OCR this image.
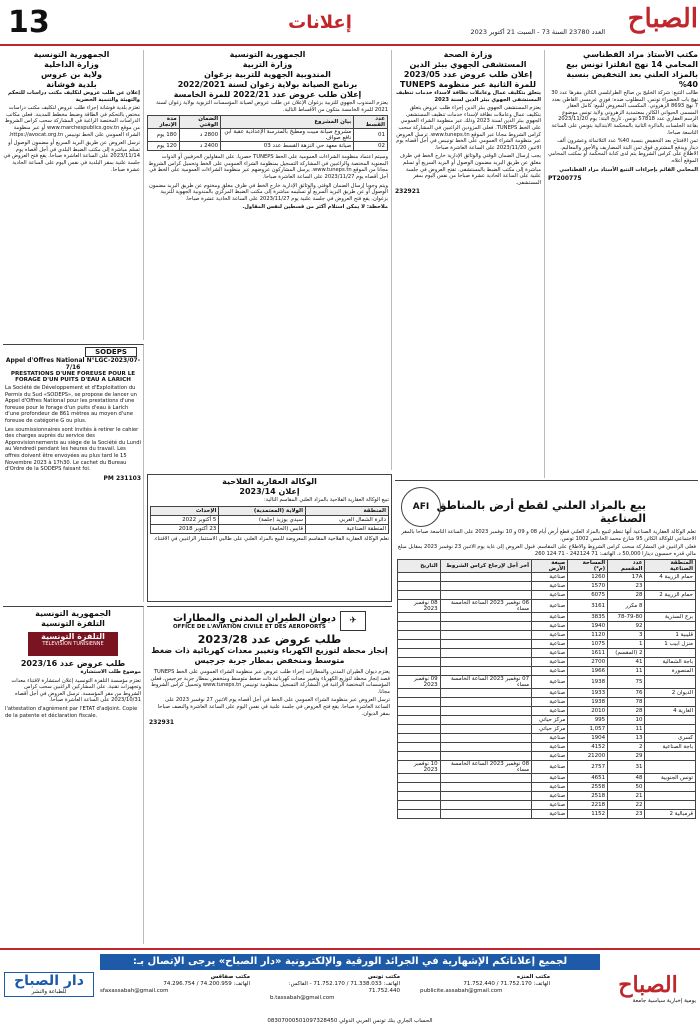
13	إعلانات	العدد 23780 السنة 73 - السبت 21 أكتوبر 2023 الصباح
مكتب الأستاذ مراد الفطناسي المحامي 14 نهج انقلترا تونس بيع بالمزاد العلني بعد التخفيض بنسبة 40%

طالب التتبع: شركة الخليج بن صالح الطرابلسي الكائن مقرها عدد 30 نهج باب الخضراء تونس. المطلوب ضده: فوزي عرمسي القاطن بعدد 7 نهج 8693 الزهروني. المكسب المعروض للبيع: كامل العقار المسمى الحيواني الكائن بمعتمدية الزهروني ولاية تونس موضوع الرسم العقاري عدد 57818 تونس. تاريخ البتة: يوم 2023/11/20 بقاعة الجلسات بالدائرة الثانية بالمحكمة الابتدائية بتونس على الساعة التاسعة صباحا.

ثمن الافتتاح بعد التخفيض بنسبة 40% عدد الثلاثمائة وعشرون ألف دينار ويدفع المشتري فوق ثمن البتة المصاريف والأجور والمعاليم. الاطلاع على كراس الشروط يتم لدى كتابة المحكمة أو بمكتب المحامي الموقع أعلاه.

المحامي القائم بإجراءات التتبع الأستاذ مراد الفطناسي

PT2007​75
وزارة الصحة
المستشفى الجهوي ببئر الدين
إعلان طلب عروض عدد 2023/05 للمرة الثانية عبر منظومة TUNEPS

يتعلق بتكليف عمال وعاملات نظافة لاسداء خدمات تنظيف المستشفى الجهوي ببئر الدين لسنة 2023

يعتزم المستشفى الجهوي ببئر الدين إجراء طلب عروض يتعلق بتكليف عمال وعاملات نظافة لإسداء خدمات تنظيف المستشفى الجهوي ببئر الدين لسنة 2023 وذلك عبر منظومة الشراء العمومي على الخط TUNEPS. فعلى المزودين الراغبين في المشاركة سحب كراس الشروط مجانا عبر الموقع www.tuneps.tn. ترسل العروض عبر منظومة الشراء العمومي على الخط تونيبس في أجل أقصاه يوم الاثنين 2023/11/20 على الساعة العاشرة صباحا.

يجب إرسال الضمان الوقتي والوثائق الإدارية خارج الخط في ظرف مغلق عن طريق البريد مضمون الوصول أو البريد السريع أو تسلم مباشرة إلى مكتب الضبط بالمستشفى. تفتح العروض في جلسة علنية على الساعة الحادية عشرة صباحا من نفس اليوم بمقر المستشفى.

232921
الجمهورية التونسية
وزارة التربية
المندوبية الجهوية للتربية بزغوان
برنامج الصيانة بولاية زغوان لسنة 2022/2021
إعلان طلب عروض عدد 2022/21 للمرة الخامسة

يعتزم المندوب الجهوي للتربية بزغوان الإعلان عن طلب عروض لصيانة المؤسسات التربوية بولاية زغوان لسنة 2021 للمرة الخامسة متكون من الأقساط التالية.

عدد القسط	بيان المشروع	الضمان الوقتي	مدة الإنجاز
01	مشروع صيانة مبيت ومطبخ بالمدرسة الإعدادية عقبة ابن نافع صواف	2800 د	180 يوم
02	صيانة معهد حي النزهة القسط عدد 03	2400 د	120 يوم

وسيتم اعتماد منظومة الشراءات العمومية على الخط TUNEPS حصريا. على المقاولين الحرفيين أو الذوات المعنوية المختصة والراغبين في المشاركة التسجيل بمنظومة الشراء العمومي على الخط وتحميل كراس الشروط مجانا من الموقع www.tuneps.tn. يرسل المشاركون عروضهم عبر منظومة الشراءات العمومية على الخط في أجل أقصاه يوم 2023/11/27 على الساعة العاشرة صباحا.

ويتم وجوبا إرسال الضمان الوقتي والوثائق الإدارية خارج الخط في ظرف مغلق ومختوم عن طريق البريد مضمون الوصول أو عن طريق البريد السريع أو تسليمه مباشرة إلى مكتب الضبط المركزي بالمندوبية الجهوية للتربية بزغوان. يقع فتح العروض في جلسة علنية يوم 2023/11/27 على الساعة الحادية عشرة صباحا.

ملاحظة: لا يمكن استلام أكثر من قسطين لنفس المقاول.

الجمهورية التونسية
وزارة الداخلية
ولاية بن عروس
بلدية فوشانة

إعلان عن طلب عروض لتكليف مكتب دراسات للتحكم والتهيئة والتنمية الحضرية

تعتزم بلدية فوشانة إجراء طلب عروض لتكليف مكتب دراسات مختص بالتحكم في الطاقة وضبط مخطط للمدينة. فعلى مكاتب الدراسات المختصة الراغبة في المشاركة سحب كراس الشروط من موقع www.marchespublics.gov.tn أو عبر منظومة الشراء العمومي على الخط تونيبس https://avocat.org.tn.

ترسل العروض عن طريق البريد السريع أو مضمون الوصول أو تسلم مباشرة إلى مكتب الضبط البلدي في أجل أقصاه يوم 2023/11/14 على الساعة العاشرة صباحا. يقع فتح العروض في جلسة علنية بمقر البلدية في نفس اليوم على الساعة الحادية عشرة صباحا.

SODEPS
Appel d'Offres National N°LGC-2023/07-7/16
PRESTATIONS D'UNE FOREUSE POUR LE FORAGE D'UN PUITS D'EAU A LARICH

La Société de Développement et d'Exploitation du Permis du Sud «SODEPS», se propose de lancer un Appel d'Offres National pour les prestations d'une foreuse pour le forage d'un puits d'eau à Larich d'une profondeur de 861 mètres au moyen d'une foreuse de catégorie G ou plus.

Les soumissionnaires sont invités à retirer le cahier des charges auprès du service des Approvisionnements au siège de la Société du Lundi au Vendredi pendant les heures du travail. Les offres doivent être envoyées au plus tard le 15 Novembre 2023 à 17h30. Le cachet du Bureau d'Ordre de la SODEPS faisant foi.

PM 231103
الجمهورية التونسية
التلفزة التونسية
التلفزة التونسية
TELEVISION TUNISIENNE
طلب عروض عدد 2023/16

موضوع طلب الاستشارة

تعتزم مؤسسة التلفزة التونسية إعلان استشارة لاقتناء معدات وتجهيزات تقنية. على المشاركين الراغبين سحب كراس الشروط من مقر المؤسسة. ترسل العروض في أجل أقصاه 2023/10/31 على الساعة العاشرة صباحا.

l'attestation d'agrément par l'ETAT d'adjoint. Copie de la patente et déclaration fiscale.

الوكالة العقارية الفلاحية
إعلان 2023/14

تبيع الوكالة العقارية الفلاحية بالمزاد العلني المقاسم التالية:

المنطقة	الولاية (المعتمدية)	الإحداث
دائرة الشمال الغربي	سيدي بوزيد (جلمة)	5 أكتوبر 2022
المنطقة الصناعية	قابس (الحامة)	23 أكتوبر 2018

تعلم الوكالة العقارية الفلاحية المقاسم المعروضة للبيع بالمزاد العلني على طالبي الاستثمار الراغبين في الاقتناء.

✈
ديوان الطيران المدني والمطارات
OFFICE DE L'AVIATION CIVILE ET DES AEROPORTS
طلب عروض عدد 2023/28
إنجاز محطة لتوزيع الكهرباء وتغيير معدات كهربائية ذات ضغط متوسط ومنخفض بمطار جربة جرجيس

يعتزم ديوان الطيران المدني والمطارات إجراء طلب عروض عبر منظومة الشراء العمومي على الخط TUNEPS قصد إنجاز محطة لتوزيع الكهرباء وتغيير معدات كهربائية ذات ضغط متوسط ومنخفض بمطار جربة جرجيس. فعلى المؤسسات المختصة الراغبة في المشاركة التسجيل بمنظومة تونيبس www.tuneps.tn وتحميل كراس الشروط مجانا.

ترسل العروض عبر منظومة الشراء العمومي على الخط في أجل أقصاه يوم الاثنين 27 نوفمبر 2023 على الساعة العاشرة صباحا. يقع فتح العروض في جلسة علنية في نفس اليوم على الساعة العاشرة والنصف صباحا بمقر الديوان.

232931
AFI بيع بالمزاد العلني لقطع أرض بالمناطق الصناعية

تعلم الوكالة العقارية الصناعية أنها تنظم لتبيع بالمزاد العلني قطع أرض أيام 08 و 09 و 10 نوفمبر 2023 على الساعة التاسعة صباحا بالمقر الاجتماعي للوكالة الكائن 95 شارع محمد الخامس 1002 تونس.

فعلى الراغبين في المشاركة سحب كراس الشروط والاطلاع على المقاسم. قبول العروض إلى غاية يوم الاثنين 23 نوفمبر 2023 بمقابل مبلغ مالي قدره خمسون دينارا 50,000 د. الهاتف: 71 242124 - 71 124 260

المنطقة الصناعية	عدد المقسم	المساحة (م²)	صبغة الأرض	آخر أجل لإرجاع كراس الشروط	التاريخ
حمام الزريبة 4	17A	1260	صناعية		
	23	1570	صناعية		
حمام الزريبة 2	28	6075	صناعية		
	8 مكرر	3161	صناعية	06 نوفمبر 2023 الساعة الخامسة مساء	08 نوفمبر 2023
برج السدرية	78-79-80	3835	صناعية		
	92	1940	صناعية		
قليبية 1	3	1120	صناعية		
منزل ابيب 1	1	1075	صناعية		
	2 (المقسم)	1611	صناعية		
باجة الشمالية	41	2700	صناعية		
المنصورة	11	1966	صناعية		
	75	1938	صناعية	07 نوفمبر 2023 الساعة الخامسة مساء	09 نوفمبر 2023
الديوان 2	76	1933	صناعية		
	78	1938	صناعية		
الغارية 4	28	2010	صناعية		
	10	995	مركز حياتي		
	11	1,057	مركز حياتي		
كسرى	13	1904	صناعية		
باجة الصناعية	2	4152	صناعية		
	29	21200	صناعية		
	31	2757	صناعية	08 نوفمبر 2023 الساعة الخامسة مساء	10 نوفمبر 2023
تونس الجنوبية	48	4651	صناعية		
	50	2558	صناعية		
	21	2518	صناعية		
	22	2218	صناعية		
قرمبالية 2	23	1152	صناعية		
لجميع إعلاناتكم الإشهارية في الجرائد الورقية والإلكترونية «دار الصباح» يرجى الإتصال بـ:
مكتب تونس
الهاتف: 71.338.033 / 71.752.170 - الفاكس: 71.752.440
b.tassabah@gmail.com
مكتب المنزه
الهاتف: 71.752.170 / 71.752.440
publicite.assabah@gmail.com
مكتب صفاقس
الهاتف: 74.200.959 / 74.296.754
sfaxassabah@gmail.com
الحساب الجاري بنك تونس العربي الدولي 08307000501097328450
الصباح
يومية إخبارية سياسية جامعة
دار الصباح
للطباعة والنشر
